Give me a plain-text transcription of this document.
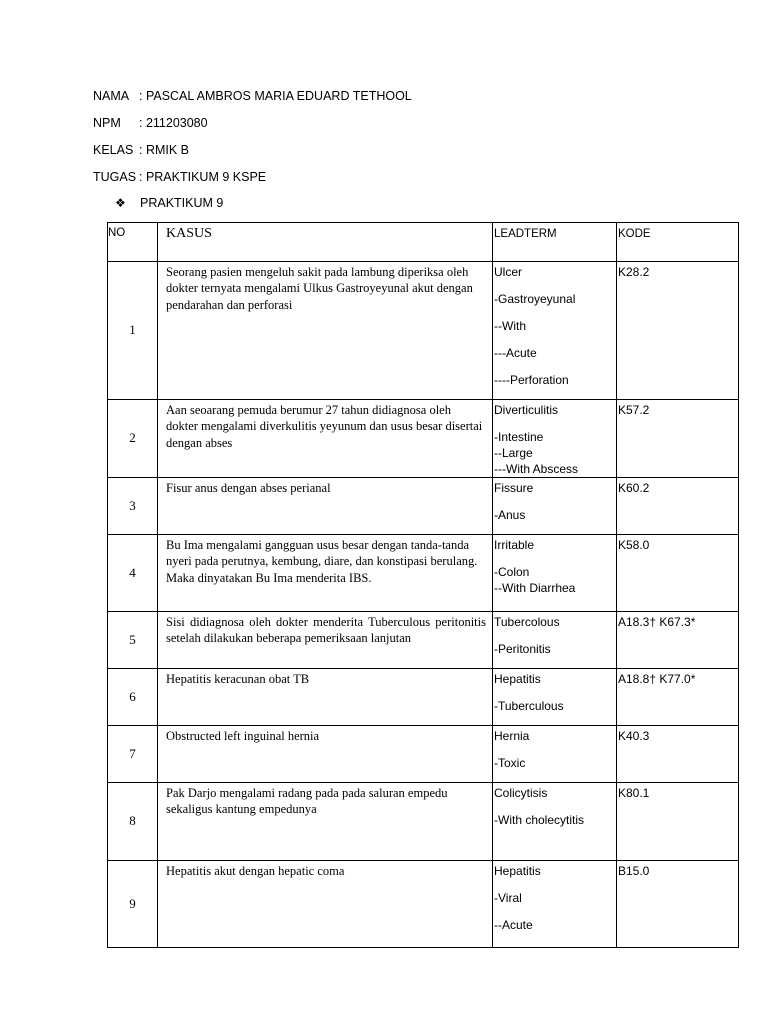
NAMA : PASCAL AMBROS MARIA EDUARD TETHOOL
NPM : 211203080
KELAS : RMIK B
TUGAS : PRAKTIKUM 9 KSPE
❖ PRAKTIKUM 9
NO	KASUS	LEADTERM	KODE
1	Seorang pasien mengeluh sakit pada lambung diperiksa oleh dokter ternyata mengalami Ulkus Gastroyeyunal akut dengan pendarahan dan perforasi	Ulcer
-Gastroyeyunal
--With
---Acute
----Perforation	K28.2
2	Aan seoarang pemuda berumur 27 tahun didiagnosa oleh dokter mengalami diverkulitis yeyunum dan usus besar disertai dengan abses	Diverticulitis
-Intestine
--Large
---With Abscess	K57.2
3	Fisur anus dengan abses perianal	Fissure
-Anus	K60.2
4	Bu Ima mengalami gangguan usus besar dengan tanda-tanda nyeri pada perutnya, kembung, diare, dan konstipasi berulang. Maka dinyatakan Bu Ima menderita IBS.	Irritable
-Colon
--With Diarrhea	K58.0
5	Sisi didiagnosa oleh dokter menderita Tuberculous peritonitis setelah dilakukan beberapa pemeriksaan lanjutan	Tubercolous
-Peritonitis	A18.3† K67.3*
6	Hepatitis keracunan obat TB	Hepatitis
-Tuberculous	A18.8† K77.0*
7	Obstructed left inguinal hernia	Hernia
-Toxic	K40.3
8	Pak Darjo mengalami radang pada pada saluran empedu sekaligus kantung empedunya	Colicytisis
-With cholecytitis	K80.1
9	Hepatitis akut dengan hepatic coma	Hepatitis
-Viral
--Acute	B15.0
